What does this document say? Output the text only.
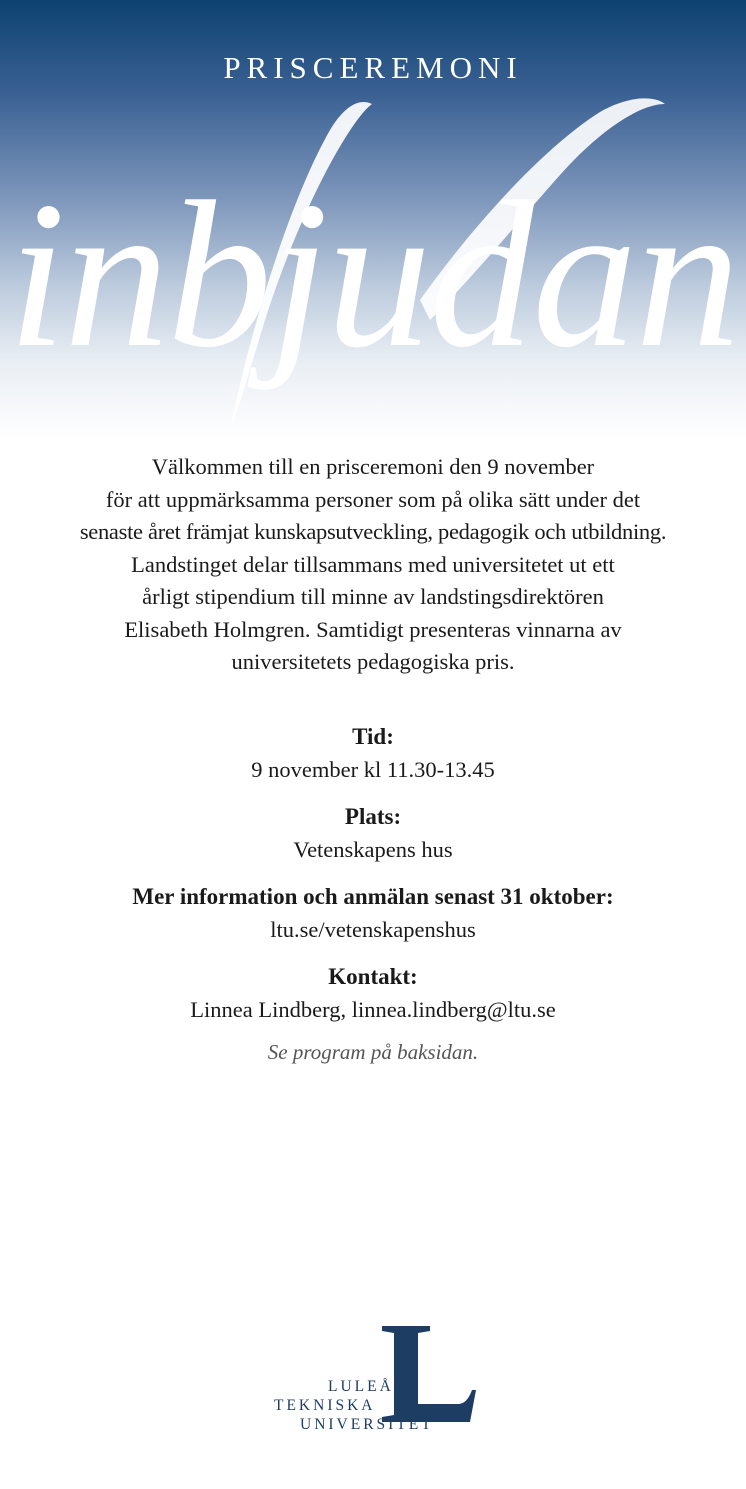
PRISCEREMONI
inbjudan
Välkommen till en prisceremoni den 9 november
för att uppmärksamma personer som på olika sätt under det
senaste året främjat kunskapsutveckling, pedagogik och utbildning.
Landstinget delar tillsammans med universitetet ut ett
årligt stipendium till minne av landstingsdirektören
Elisabeth Holmgren. Samtidigt presenteras vinnarna av
universitetets pedagogiska pris.
Tid:
9 november kl 11.30-13.45
Plats:
Vetenskapens hus
Mer information och anmälan senast 31 oktober:
ltu.se/vetenskapenshus
Kontakt:
Linnea Lindberg, linnea.lindberg@ltu.se
Se program på baksidan.
LULEÅ
TEKNISKA
UNIVERSITET
